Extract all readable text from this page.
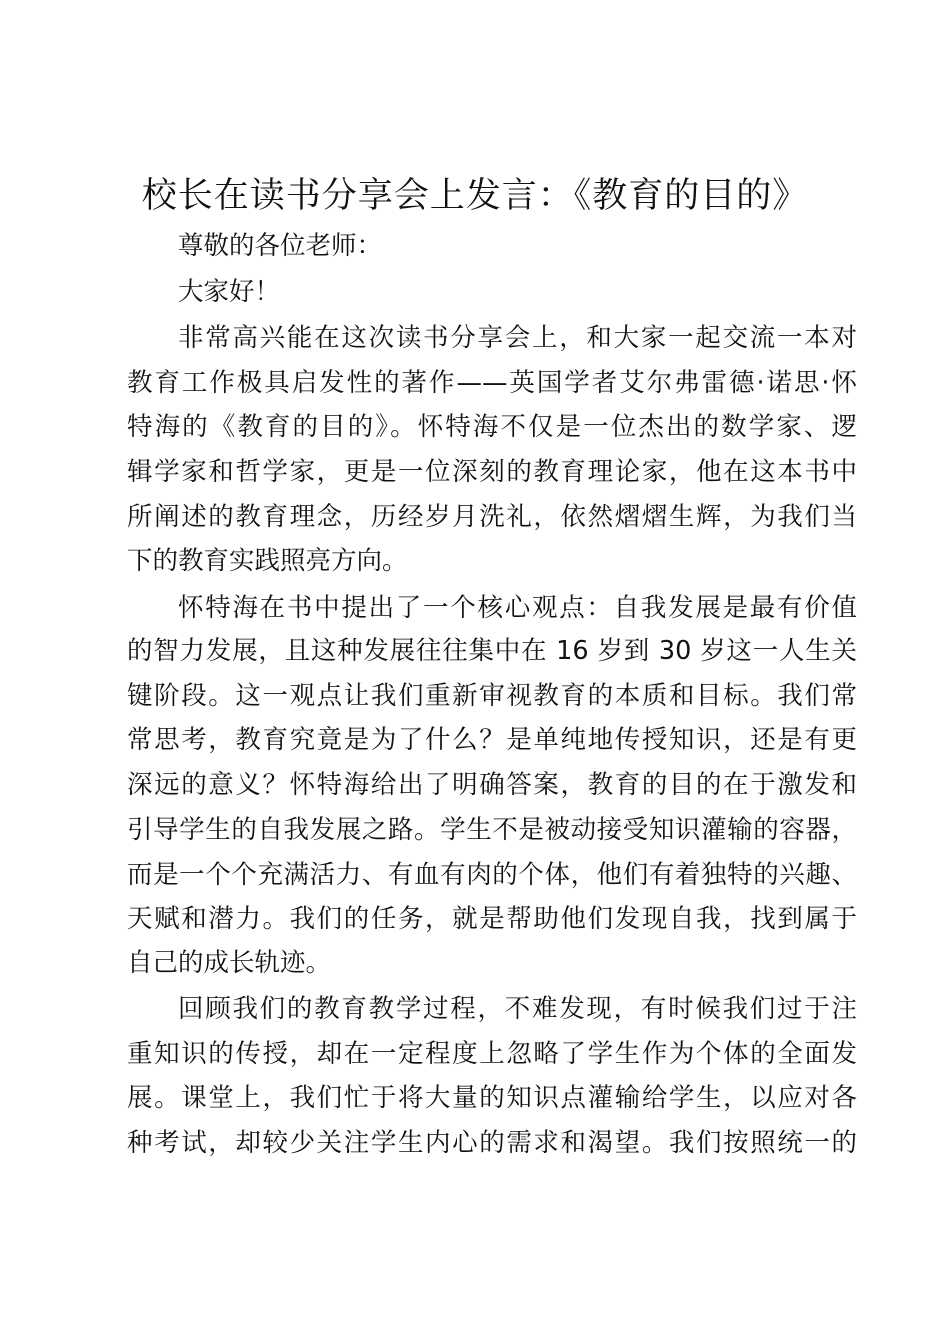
校长在读书分享会上发言：《教育的目的》
尊敬的各位老师：
大家好！
非常高兴能在这次读书分享会上，和大家一起交流一本对
教育工作极具启发性的著作——英国学者艾尔弗雷德·诺思·怀
特海的《教育的目的》。怀特海不仅是一位杰出的数学家、逻
辑学家和哲学家，更是一位深刻的教育理论家，他在这本书中
所阐述的教育理念，历经岁月洗礼，依然熠熠生辉，为我们当
下的教育实践照亮方向。
怀特海在书中提出了一个核心观点：自我发展是最有价值
的智力发展，且这种发展往往集中在 16 岁到 30 岁这一人生关
键阶段。这一观点让我们重新审视教育的本质和目标。我们常
常思考，教育究竟是为了什么？是单纯地传授知识，还是有更
深远的意义？怀特海给出了明确答案，教育的目的在于激发和
引导学生的自我发展之路。学生不是被动接受知识灌输的容器，
而是一个个充满活力、有血有肉的个体，他们有着独特的兴趣、
天赋和潜力。我们的任务，就是帮助他们发现自我，找到属于
自己的成长轨迹。
回顾我们的教育教学过程，不难发现，有时候我们过于注
重知识的传授，却在一定程度上忽略了学生作为个体的全面发
展。课堂上，我们忙于将大量的知识点灌输给学生，以应对各
种考试，却较少关注学生内心的需求和渴望。我们按照统一的
